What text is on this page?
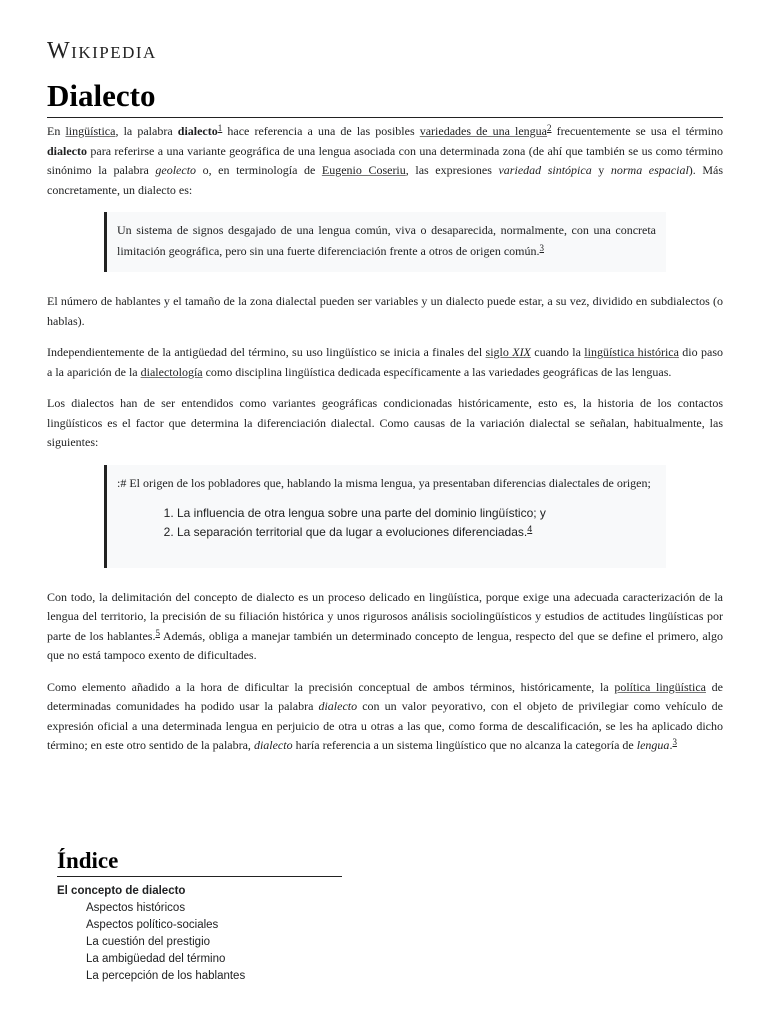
Wikipedia
Dialecto

En lingüística, la palabra dialecto$^1$ hace referencia a una de las posibles variedades de una lengua$^2$ frecuentemente se usa el término dialecto para referirse a una variante geográfica de una lengua asociada con una determinada zona (de ahí que también se us como término sinónimo la palabra geolecto o, en terminología de Eugenio Coseriu, las expresiones variedad sintópica y norma espacial). Más concretamente, un dialecto es:

Un sistema de signos desgajado de una lengua común, viva o desaparecida, normalmente, con una concreta limitación geográfica, pero sin una fuerte diferenciación frente a otros de origen común.$^3$

El número de hablantes y el tamaño de la zona dialectal pueden ser variables y un dialecto puede estar, a su vez, dividido en subdialectos (o hablas).

Independientemente de la antigüedad del término, su uso lingüístico se inicia a finales del siglo XIX cuando la lingüística histórica dio paso a la aparición de la dialectología como disciplina lingüística dedicada específicamente a las variedades geográficas de las lenguas.

Los dialectos han de ser entendidos como variantes geográficas condicionadas históricamente, esto es, la historia de los contactos lingüísticos es el factor que determina la diferenciación dialectal. Como causas de la variación dialectal se señalan, habitualmente, las siguientes:

:# El origen de los pobladores que, hablando la misma lengua, ya presentaban diferencias dialectales de origen;
1. La influencia de otra lengua sobre una parte del dominio lingüístico; y
2. La separación territorial que da lugar a evoluciones diferenciadas.$^4$

Con todo, la delimitación del concepto de dialecto es un proceso delicado en lingüística, porque exige una adecuada caracterización de la lengua del territorio, la precisión de su filiación histórica y unos rigurosos análisis sociolingüísticos y estudios de actitudes lingüísticas por parte de los hablantes.$^5$ Además, obliga a manejar también un determinado concepto de lengua, respecto del que se define el primero, algo que no está tampoco exento de dificultades.

Como elemento añadido a la hora de dificultar la precisión conceptual de ambos términos, históricamente, la política lingüística de determinadas comunidades ha podido usar la palabra dialecto con un valor peyorativo, con el objeto de privilegiar como vehículo de expresión oficial a una determinada lengua en perjuicio de otra u otras a las que, como forma de descalificación, se les ha aplicado dicho término; en este otro sentido de la palabra, dialecto haría referencia a un sistema lingüístico que no alcanza la categoría de lengua.$^3$

Índice
El concepto de dialecto
Aspectos históricos
Aspectos político-sociales
La cuestión del prestigio
La ambigüedad del término
La percepción de los hablantes
